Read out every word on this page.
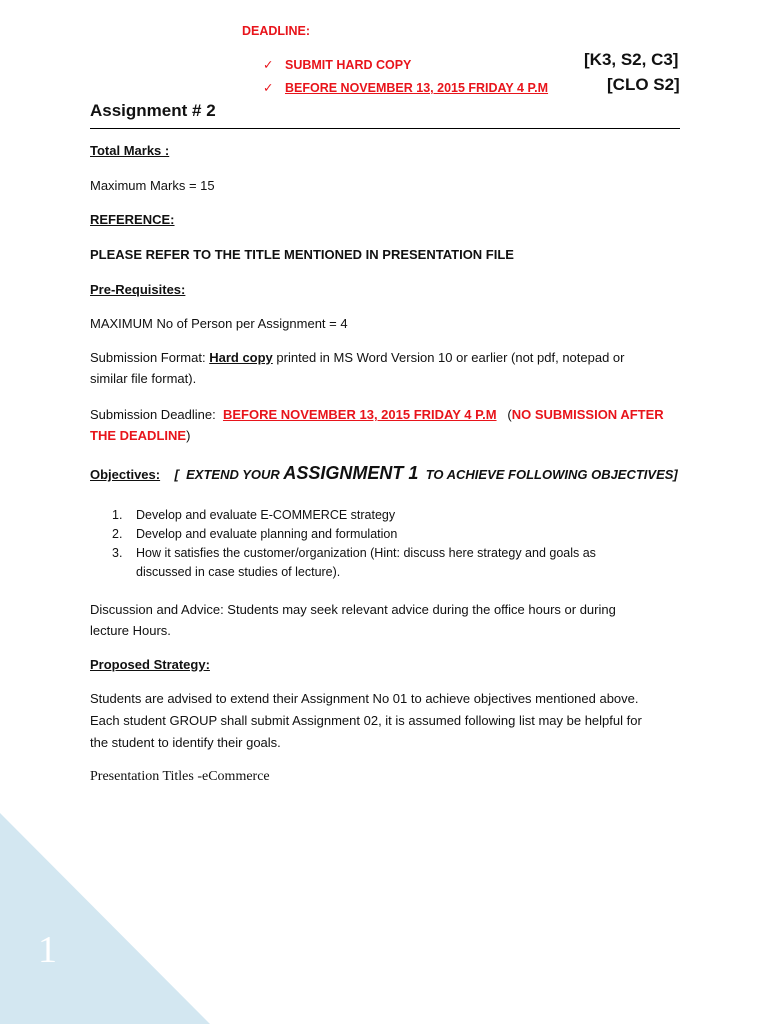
DEADLINE:
✓ SUBMIT HARD COPY
✓ BEFORE NOVEMBER 13, 2015 FRIDAY 4 P.M
[K3, S2, C3]
[CLO S2]
Assignment # 2
Total Marks :
Maximum Marks = 15
REFERENCE:
PLEASE REFER TO THE TITLE MENTIONED IN PRESENTATION FILE
Pre-Requisites:
MAXIMUM No of Person per Assignment = 4
Submission Format: Hard copy printed in MS Word Version 10 or earlier (not pdf, notepad or
similar file format).
Submission Deadline: BEFORE NOVEMBER 13, 2015 FRIDAY 4 P.M (NO SUBMISSION AFTER
THE DEADLINE)
Objectives: [ EXTEND YOUR ASSIGNMENT 1 TO ACHIEVE FOLLOWING OBJECTIVES]
1. Develop and evaluate E-COMMERCE strategy
2. Develop and evaluate planning and formulation
3. How it satisfies the customer/organization (Hint: discuss here strategy and goals as
discussed in case studies of lecture).
Discussion and Advice: Students may seek relevant advice during the office hours or during
lecture Hours.
Proposed Strategy:
Students are advised to extend their Assignment No 01 to achieve objectives mentioned above.
Each student GROUP shall submit Assignment 02, it is assumed following list may be helpful for
the student to identify their goals.
Presentation Titles -eCommerce
1
